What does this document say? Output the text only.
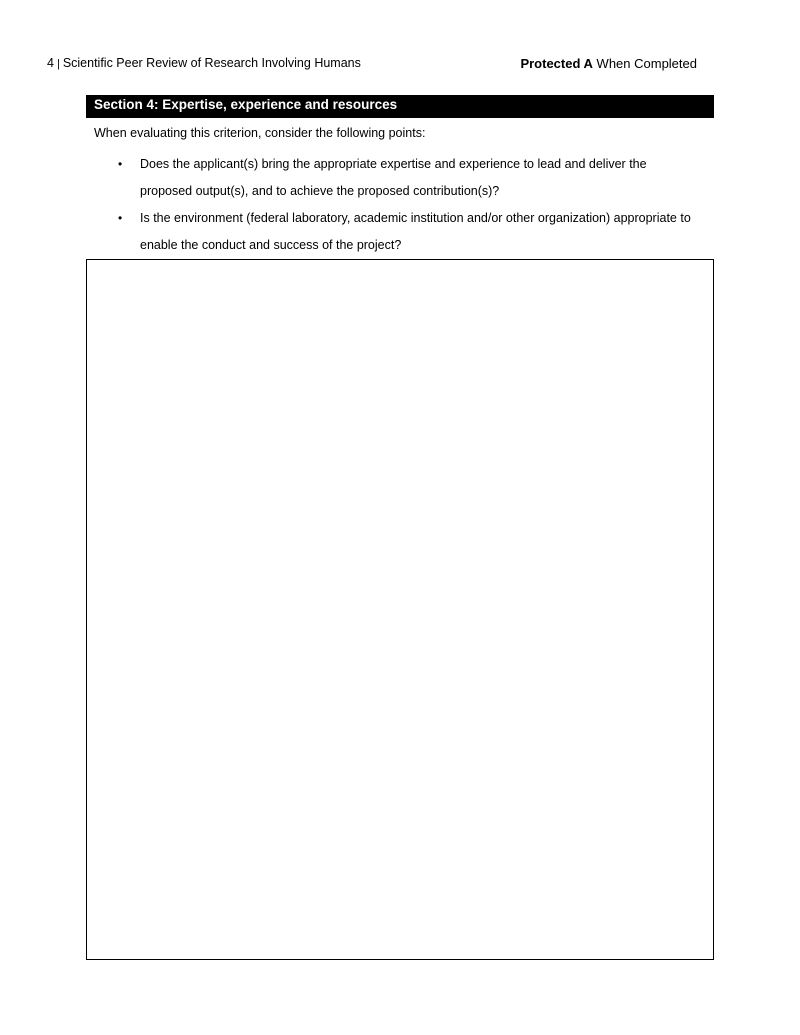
4 | Scientific Peer Review of Research Involving Humans	Protected A When Completed
Section 4: Expertise, experience and resources
When evaluating this criterion, consider the following points:
• Does the applicant(s) bring the appropriate expertise and experience to lead and deliver the proposed output(s), and to achieve the proposed contribution(s)?
• Is the environment (federal laboratory, academic institution and/or other organization) appropriate to enable the conduct and success of the project?
